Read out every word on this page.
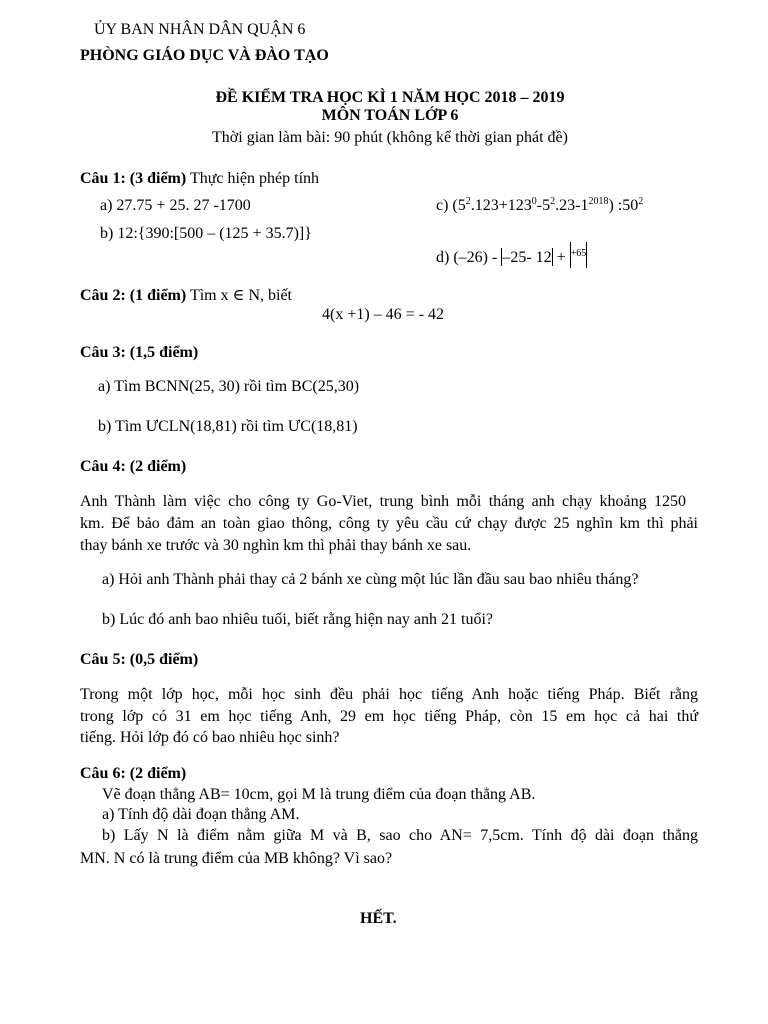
ỦY BAN NHÂN DÂN QUẬN 6
PHÒNG GIÁO DỤC VÀ ĐÀO TẠO
ĐỀ KIỂM TRA HỌC KÌ 1 NĂM HỌC 2018 – 2019
MÔN TOÁN LỚP 6
Thời gian làm bài: 90 phút (không kể thời gian phát đề)
Câu 1: (3 điểm) Thực hiện phép tính
a) 27.75 + 25. 27 -1700	c) $(5^2.123+123^0-5^2.23-1^{2018})$ $:50^2$
b) 12:{390:[500 – (125 + 35.7)]}
d) (–26) - –25- 12 + $^{+65}$
Câu 2: (1 điểm) Tìm x ∈ N, biết
4(x +1) – 46 = - 42
Câu 3: (1,5 điểm)
a) Tìm BCNN(25, 30) rồi tìm BC(25,30)
b) Tìm ƯCLN(18,81) rồi tìm ƯC(18,81)
Câu 4: (2 điểm)
Anh Thành làm việc cho công ty Go-Viet, trung bình mỗi tháng anh chạy khoảng 1250
km. Để bảo đảm an toàn giao thông, công ty yêu cầu cứ chạy được 25 nghìn km thì phải
thay bánh xe trước và 30 nghìn km thì phải thay bánh xe sau.
a) Hỏi anh Thành phải thay cả 2 bánh xe cùng một lúc lần đầu sau bao nhiêu tháng?
b) Lúc đó anh bao nhiêu tuổi, biết rằng hiện nay anh 21 tuổi?
Câu 5: (0,5 điểm)
Trong một lớp học, mỗi học sinh đều phải học tiếng Anh hoặc tiếng Pháp. Biết rằng
trong lớp có 31 em học tiếng Anh, 29 em học tiếng Pháp, còn 15 em học cả hai thứ
tiếng. Hỏi lớp đó có bao nhiêu học sinh?
Câu 6: (2 điểm)
Vẽ đoạn thẳng AB= 10cm, gọi M là trung điểm của đoạn thẳng AB.
a) Tính độ dài đoạn thẳng AM.
b) Lấy N là điểm nằm giữa M và B, sao cho AN= 7,5cm. Tính độ dài đoạn thẳng
MN. N có là trung điểm của MB không? Vì sao?
HẾT.
